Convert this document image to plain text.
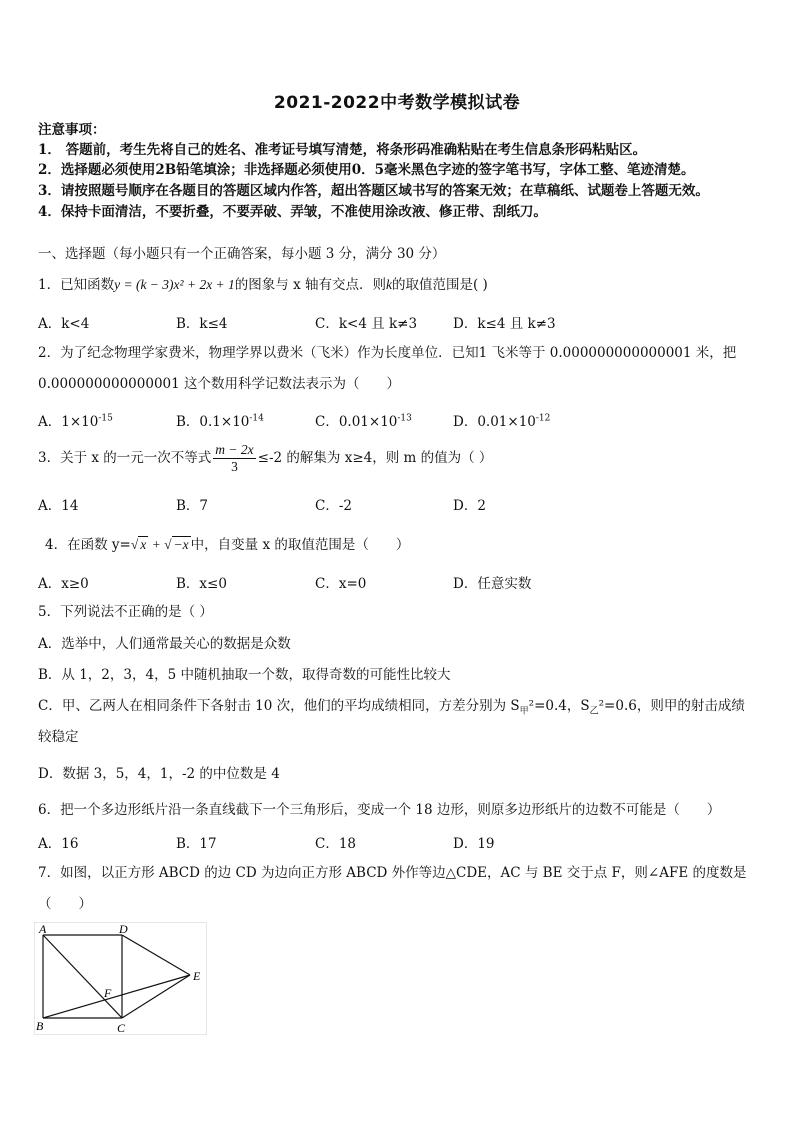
2021-2022中考数学模拟试卷
注意事项：
1． 答题前，考生先将自己的姓名、准考证号填写清楚，将条形码准确粘贴在考生信息条形码粘贴区。
2．选择题必须使用2B铅笔填涂；非选择题必须使用0．5毫米黑色字迹的签字笔书写，字体工整、笔迹清楚。
3．请按照题号顺序在各题目的答题区域内作答，超出答题区域书写的答案无效；在草稿纸、试题卷上答题无效。
4．保持卡面清洁，不要折叠，不要弄破、弄皱，不准使用涂改液、修正带、刮纸刀。
一、选择题（每小题只有一个正确答案，每小题 3 分，满分 30 分）
1．已知函数y = (k − 3)x² + 2x + 1的图象与 x 轴有交点．则k的取值范围是( )
A．k<4	B．k≤4	C．k<4 且 k≠3	D．k≤4 且 k≠3
2．为了纪念物理学家费米，物理学界以费米（飞米）作为长度单位．已知1 飞米等于 0.000000000000001 米，把
0.000000000000001 这个数用科学记数法表示为（　　）
A．$1\times 10^{-15}$	B．$0.1\times 10^{-14}$	C．$0.01\times 10^{-13}$	D．$0.01\times 10^{-12}$
3．关于 x 的一元一次不等式 $\frac{m - 2x}{3} \le-2$ 的解集为 x≥4，则 m 的值为（ ）
A．14	B．7	C．-2	D．2
4．在函数 y=√ x + √ −x 中，自变量 x 的取值范围是（　　）
A．x≥0	B．x≤0	C．x=0	D．任意实数
5．下列说法不正确的是（ ）
A．选举中，人们通常最关心的数据是众数
B．从 1，2，3，4，5 中随机抽取一个数，取得奇数的可能性比较大
C．甲、乙两人在相同条件下各射击 10 次，他们的平均成绩相同，方差分别为 $S_甲^2=0.4$，$S_乙^2=0.6$，则甲的射击成绩
较稳定
D．数据 3，5，4，1，-2 的中位数是 4
6．把一个多边形纸片沿一条直线截下一个三角形后，变成一个 18 边形，则原多边形纸片的边数不可能是（　　）
A．16	B．17	C．18	D．19
7．如图，以正方形 ABCD 的边 CD 为边向正方形 ABCD 外作等边△CDE，AC 与 BE 交于点 F，则∠AFE 的度数是
（　　）
A	D
E
F
B	C
